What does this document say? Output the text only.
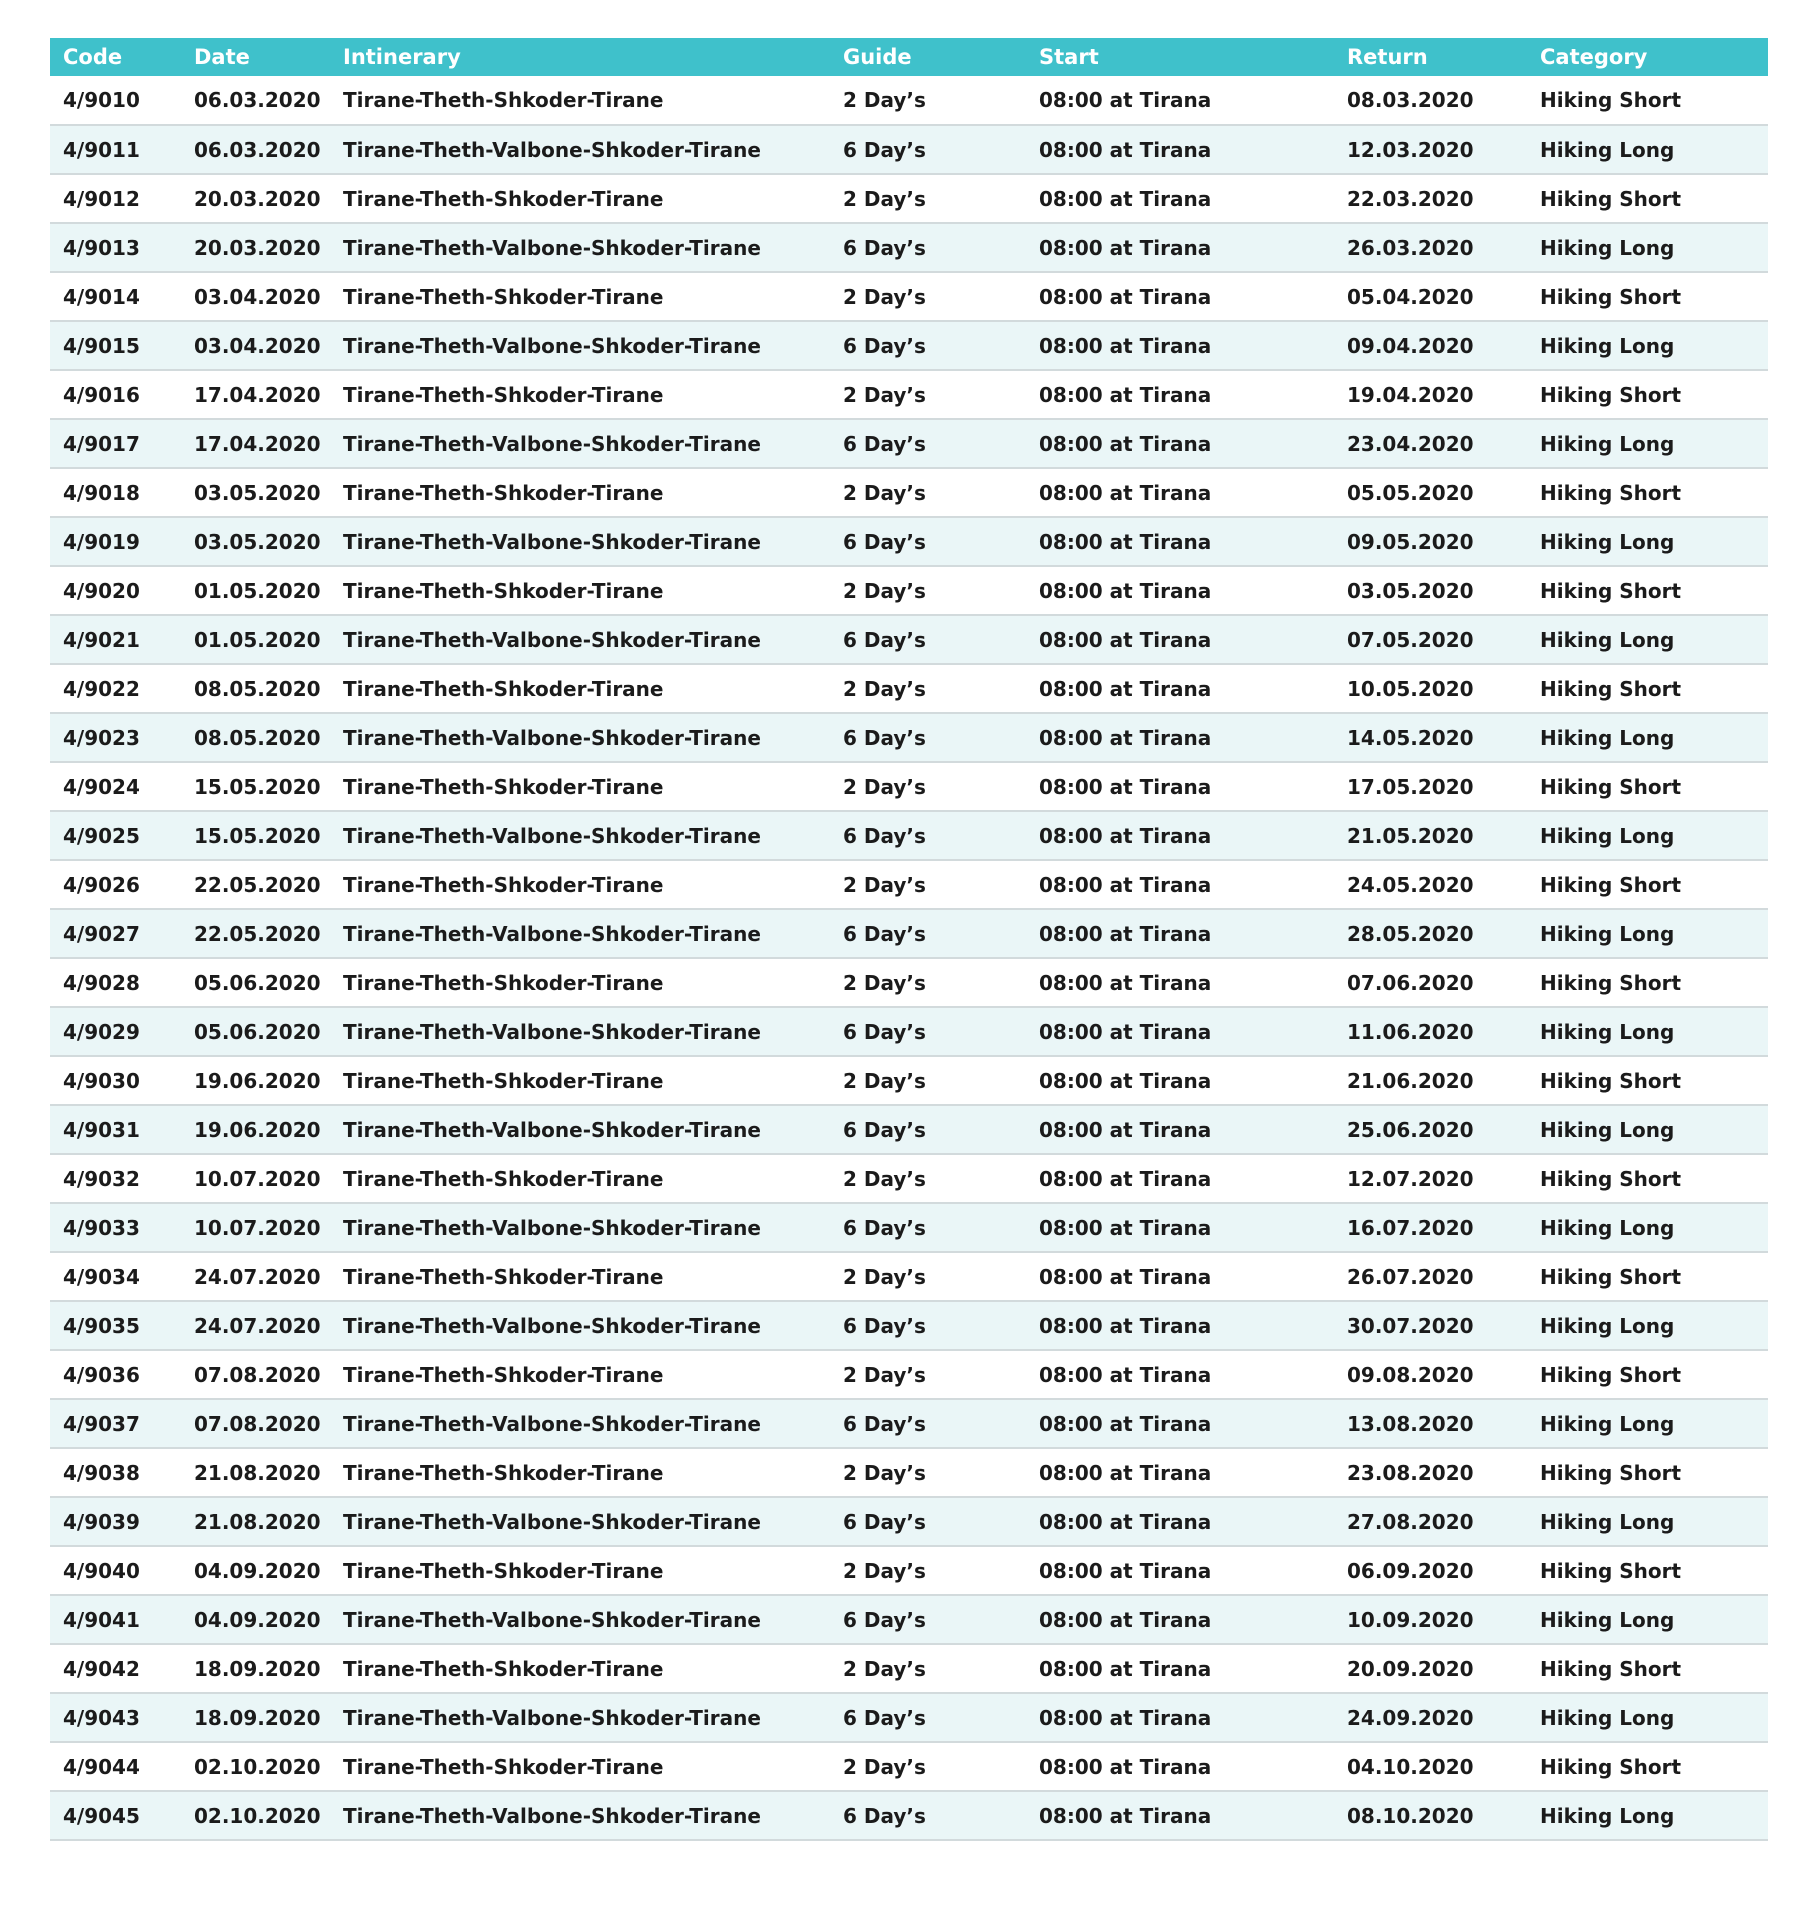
Code	Date	Intinerary	Guide	Start	Return	Category
4/9010	06.03.2020	Tirane-Theth-Shkoder-Tirane	2 Day’s	08:00 at Tirana	08.03.2020	Hiking Short
4/9011	06.03.2020	Tirane-Theth-Valbone-Shkoder-Tirane	6 Day’s	08:00 at Tirana	12.03.2020	Hiking Long
4/9012	20.03.2020	Tirane-Theth-Shkoder-Tirane	2 Day’s	08:00 at Tirana	22.03.2020	Hiking Short
4/9013	20.03.2020	Tirane-Theth-Valbone-Shkoder-Tirane	6 Day’s	08:00 at Tirana	26.03.2020	Hiking Long
4/9014	03.04.2020	Tirane-Theth-Shkoder-Tirane	2 Day’s	08:00 at Tirana	05.04.2020	Hiking Short
4/9015	03.04.2020	Tirane-Theth-Valbone-Shkoder-Tirane	6 Day’s	08:00 at Tirana	09.04.2020	Hiking Long
4/9016	17.04.2020	Tirane-Theth-Shkoder-Tirane	2 Day’s	08:00 at Tirana	19.04.2020	Hiking Short
4/9017	17.04.2020	Tirane-Theth-Valbone-Shkoder-Tirane	6 Day’s	08:00 at Tirana	23.04.2020	Hiking Long
4/9018	03.05.2020	Tirane-Theth-Shkoder-Tirane	2 Day’s	08:00 at Tirana	05.05.2020	Hiking Short
4/9019	03.05.2020	Tirane-Theth-Valbone-Shkoder-Tirane	6 Day’s	08:00 at Tirana	09.05.2020	Hiking Long
4/9020	01.05.2020	Tirane-Theth-Shkoder-Tirane	2 Day’s	08:00 at Tirana	03.05.2020	Hiking Short
4/9021	01.05.2020	Tirane-Theth-Valbone-Shkoder-Tirane	6 Day’s	08:00 at Tirana	07.05.2020	Hiking Long
4/9022	08.05.2020	Tirane-Theth-Shkoder-Tirane	2 Day’s	08:00 at Tirana	10.05.2020	Hiking Short
4/9023	08.05.2020	Tirane-Theth-Valbone-Shkoder-Tirane	6 Day’s	08:00 at Tirana	14.05.2020	Hiking Long
4/9024	15.05.2020	Tirane-Theth-Shkoder-Tirane	2 Day’s	08:00 at Tirana	17.05.2020	Hiking Short
4/9025	15.05.2020	Tirane-Theth-Valbone-Shkoder-Tirane	6 Day’s	08:00 at Tirana	21.05.2020	Hiking Long
4/9026	22.05.2020	Tirane-Theth-Shkoder-Tirane	2 Day’s	08:00 at Tirana	24.05.2020	Hiking Short
4/9027	22.05.2020	Tirane-Theth-Valbone-Shkoder-Tirane	6 Day’s	08:00 at Tirana	28.05.2020	Hiking Long
4/9028	05.06.2020	Tirane-Theth-Shkoder-Tirane	2 Day’s	08:00 at Tirana	07.06.2020	Hiking Short
4/9029	05.06.2020	Tirane-Theth-Valbone-Shkoder-Tirane	6 Day’s	08:00 at Tirana	11.06.2020	Hiking Long
4/9030	19.06.2020	Tirane-Theth-Shkoder-Tirane	2 Day’s	08:00 at Tirana	21.06.2020	Hiking Short
4/9031	19.06.2020	Tirane-Theth-Valbone-Shkoder-Tirane	6 Day’s	08:00 at Tirana	25.06.2020	Hiking Long
4/9032	10.07.2020	Tirane-Theth-Shkoder-Tirane	2 Day’s	08:00 at Tirana	12.07.2020	Hiking Short
4/9033	10.07.2020	Tirane-Theth-Valbone-Shkoder-Tirane	6 Day’s	08:00 at Tirana	16.07.2020	Hiking Long
4/9034	24.07.2020	Tirane-Theth-Shkoder-Tirane	2 Day’s	08:00 at Tirana	26.07.2020	Hiking Short
4/9035	24.07.2020	Tirane-Theth-Valbone-Shkoder-Tirane	6 Day’s	08:00 at Tirana	30.07.2020	Hiking Long
4/9036	07.08.2020	Tirane-Theth-Shkoder-Tirane	2 Day’s	08:00 at Tirana	09.08.2020	Hiking Short
4/9037	07.08.2020	Tirane-Theth-Valbone-Shkoder-Tirane	6 Day’s	08:00 at Tirana	13.08.2020	Hiking Long
4/9038	21.08.2020	Tirane-Theth-Shkoder-Tirane	2 Day’s	08:00 at Tirana	23.08.2020	Hiking Short
4/9039	21.08.2020	Tirane-Theth-Valbone-Shkoder-Tirane	6 Day’s	08:00 at Tirana	27.08.2020	Hiking Long
4/9040	04.09.2020	Tirane-Theth-Shkoder-Tirane	2 Day’s	08:00 at Tirana	06.09.2020	Hiking Short
4/9041	04.09.2020	Tirane-Theth-Valbone-Shkoder-Tirane	6 Day’s	08:00 at Tirana	10.09.2020	Hiking Long
4/9042	18.09.2020	Tirane-Theth-Shkoder-Tirane	2 Day’s	08:00 at Tirana	20.09.2020	Hiking Short
4/9043	18.09.2020	Tirane-Theth-Valbone-Shkoder-Tirane	6 Day’s	08:00 at Tirana	24.09.2020	Hiking Long
4/9044	02.10.2020	Tirane-Theth-Shkoder-Tirane	2 Day’s	08:00 at Tirana	04.10.2020	Hiking Short
4/9045	02.10.2020	Tirane-Theth-Valbone-Shkoder-Tirane	6 Day’s	08:00 at Tirana	08.10.2020	Hiking Long
